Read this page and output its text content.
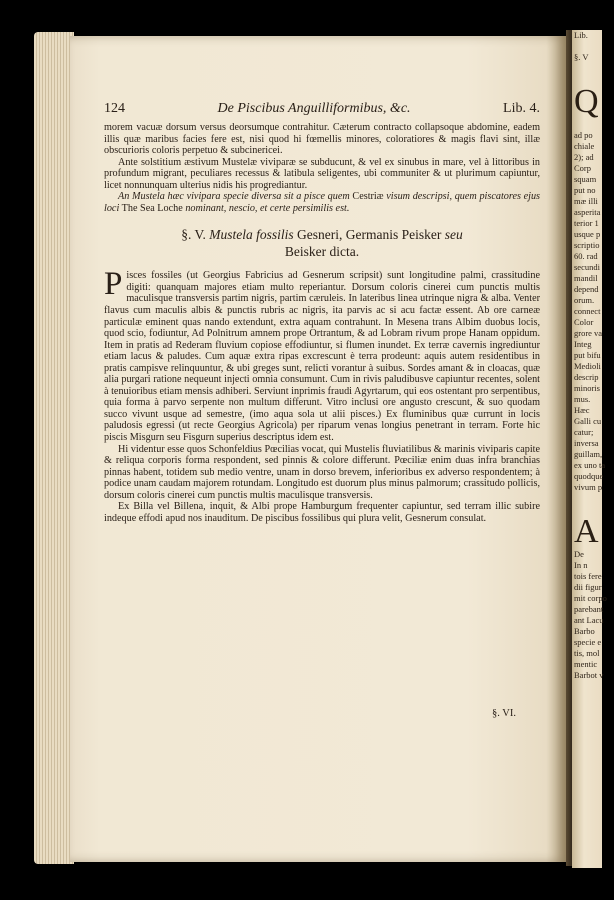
Lib.
§. V
Q
ad po
chiale
2); ad
Corp
squam
put no
mæ illi
asperita
terior 1
usque p
scriptio
60. rad
secundi
mandil
depend
orum.
connect
Color
grore va
Integ
put bifu
Medioli
descrip
minoris
mus.
Hæc
Galli cu
catur;
inversa
guillam,
ex uno ta
quodque
vivum p
A
De
In n
tois fere
dii figur
mit corpo
parebant
ant Lacu
Barbo
specie e
tis, mol
mentic
Barbot v
124	De Piscibus Anguilliformibus, &c.	Lib. 4.

morem vacuæ dorsum versus deorsumque contrahitur. Cæterum contracto collapsoque abdomine, eadem illis quæ maribus facies fere est, nisi quod hi fœmellis minores, coloratiores & magis flavi sint, illæ obscurioris coloris perpetuo & subcinericei.

Ante solstitium æstivum Mustelæ viviparæ se subducunt, & vel ex sinubus in mare, vel à littoribus in profundum migrant, peculiares recessus & latibula seligentes, ubi communiter & ut plurimum capiuntur, licet nonnunquam ulterius nidis his progrediantur.

An Mustela hæc vivipara specie diversa sit a pisce quem Cestriæ visum descripsi, quem piscatores ejus loci The Sea Loche nominant, nescio, et certe persimilis est.

§. V. Mustela fossilis Gesneri, Germanis Peisker seu
Beisker dicta.

Pisces fossiles (ut Georgius Fabricius ad Gesnerum scripsit) sunt longitudine palmi, crassitudine digiti: quanquam majores etiam multo reperiantur. Dorsum coloris cinerei cum punctis multis maculisque transversis partim nigris, partim cæruleis. In lateribus linea utrinque nigra & alba. Venter flavus cum maculis albis & punctis rubris ac nigris, ita parvis ac si acu factæ essent. Ab ore carneæ particulæ eminent quas nando extendunt, extra aquam contrahunt. In Mesena trans Albim duobus locis, quod scio, fodiuntur, Ad Polnitrum amnem prope Ortrantum, & ad Lobram rivum prope Hanam oppidum. Item in pratis ad Rederam fluvium copiose effodiuntur, si flumen inundet. Ex terræ cavernis ingrediuntur etiam lacus & paludes. Cum aquæ extra ripas excrescunt è terra prodeunt: aquis autem residentibus in pratis campisve relinquuntur, & ubi greges sunt, relicti vorantur à suibus. Sordes amant & in cloacas, quæ alia purgari ratione nequeunt injecti omnia consumunt. Cum in rivis paludibusve capiuntur recentes, solent à tenuioribus etiam mensis adhiberi. Serviunt inprimis fraudi Agyrtarum, qui eos ostentant pro serpentibus, quia forma à parvo serpente non multum differunt. Vitro inclusi ore angusto crescunt, & suo quodam succo vivunt usque ad semestre, (imo aqua sola ut alii pisces.) Ex fluminibus quæ currunt in locis paludosis egressi (ut recte Georgius Agricola) per riparum venas longius penetrant in terram. Forte hic piscis Misgurn seu Fisgurn superius descriptus idem est.

Hi videntur esse quos Schonfeldius Pœcilias vocat, qui Mustelis fluviatilibus & marinis viviparis capite & reliqua corporis forma respondent, sed pinnis & colore differunt. Pœciliæ enim duas infra branchias pinnas habent, totidem sub medio ventre, unam in dorso brevem, inferioribus ex adverso respondentem; à podice unam caudam majorem rotundam. Longitudo est duorum plus minus palmorum; crassitudo pollicis, dorsum coloris cinerei cum punctis multis maculisque transversis.

Ex Billa vel Billena, inquit, & Albi prope Hamburgum frequenter capiuntur, sed terram illic subire indeque effodi apud nos inauditum. De piscibus fossilibus qui plura velit, Gesnerum consulat.

§. VI.
